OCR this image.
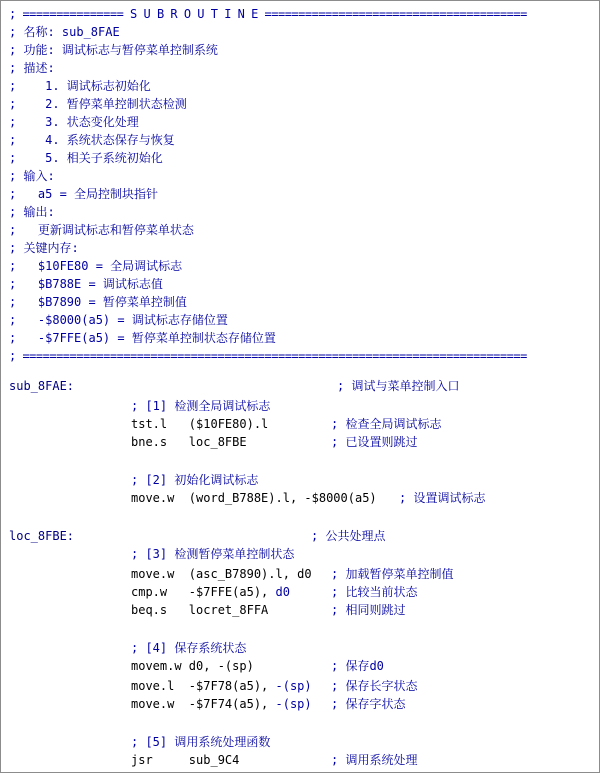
; =============== S U B R O U T I N E =======================================
; 名称: sub_8FAE
; 功能: 调试标志与暂停菜单控制系统
; 描述:
;    1. 调试标志初始化
;    2. 暂停菜单控制状态检测
;    3. 状态变化处理
;    4. 系统状态保存与恢复
;    5. 相关子系统初始化
; 输入:
;   a5 = 全局控制块指针
; 输出:
;   更新调试标志和暂停菜单状态
; 关键内存:
;   $10FE80 = 全局调试标志
;   $B788E = 调试标志值
;   $B7890 = 暂停菜单控制值
;   -$8000(a5) = 调试标志存储位置
;   -$7FFE(a5) = 暂停菜单控制状态存储位置
; ===========================================================================
sub_8FAE:	; 调试与菜单控制入口
; [1] 检测全局调试标志
tst.l   ($10FE80).l	; 检查全局调试标志
bne.s   loc_8FBE	; 已设置则跳过
; [2] 初始化调试标志
move.w  (word_B788E).l, -$8000(a5) ; 设置调试标志
loc_8FBE:	; 公共处理点
; [3] 检测暂停菜单控制状态
move.w  (asc_B7890).l, d0 ; 加载暂停菜单控制值
cmp.w   -$7FFE(a5), d0	; 比较当前状态
beq.s   locret_8FFA	; 相同则跳过
; [4] 保存系统状态
movem.w d0, -(sp)	; 保存d0
move.l  -$7F78(a5), -(sp) ; 保存长字状态
move.w  -$7F74(a5), -(sp) ; 保存字状态
; [5] 调用系统处理函数
jsr     sub_9C4	; 调用系统处理
